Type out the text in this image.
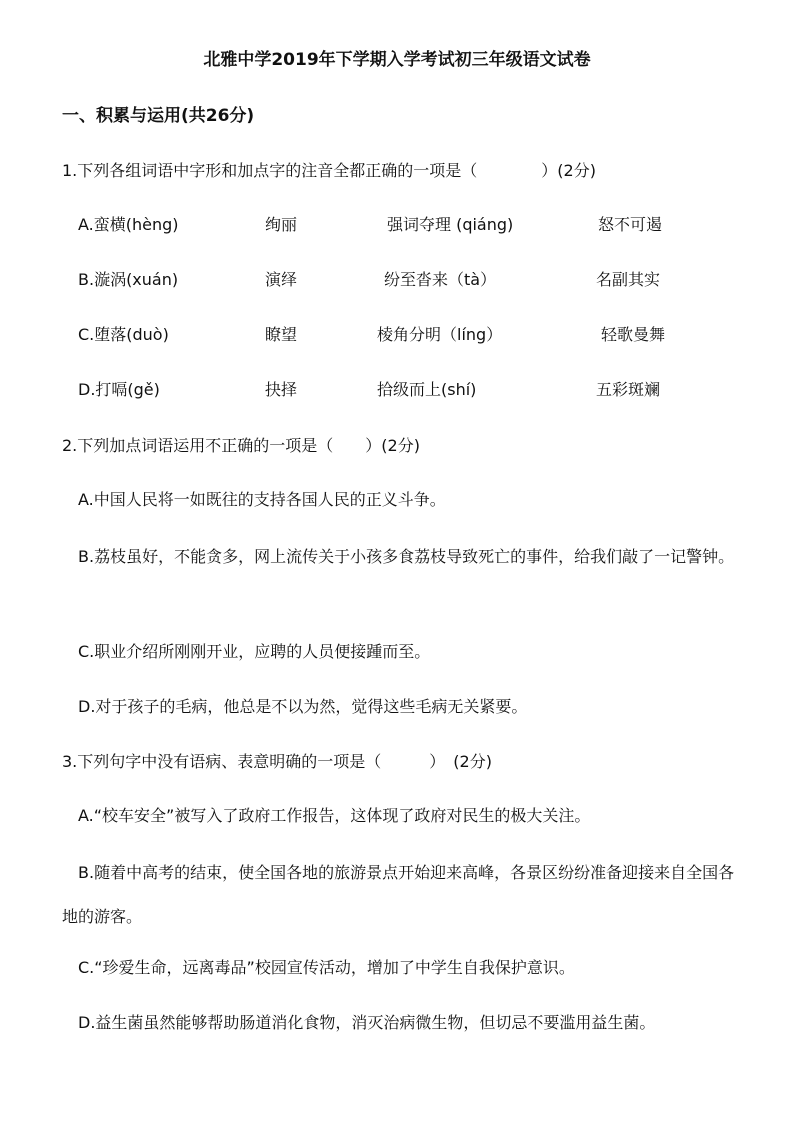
北雅中学2019年下学期入学考试初三年级语文试卷
一、积累与运用(共26分)
1.下列各组词语中字形和加点字的注音全都正确的一项是（　　　　）(2分)
A.蛮横(hèng)	绚丽	强词夺理 (qiáng)	怒不可遏
B.漩涡(xuán)	演绎	纷至沓来（tà）	名副其实
C.堕落(duò)	瞭望	棱角分明（líng）	轻歌曼舞
D.打嗝(gě)	抉择	拾级而上(shí)	五彩斑斓
2.下列加点词语运用不正确的一项是（　　）(2分)
A.中国人民将一如既往的支持各国人民的正义斗争。
B.荔枝虽好，不能贪多，网上流传关于小孩多食荔枝导致死亡的事件，给我们敲了一记警钟。
C.职业介绍所刚刚开业，应聘的人员便接踵而至。
D.对于孩子的毛病，他总是不以为然，觉得这些毛病无关紧要。
3.下列句字中没有语病、表意明确的一项是（　　　）　(2分)
A.“校车安全”被写入了政府工作报告，这体现了政府对民生的极大关注。
B.随着中高考的结束，使全国各地的旅游景点开始迎来高峰，各景区纷纷准备迎接来自全国各地的游客。
C.“珍爱生命，远离毒品”校园宣传活动，增加了中学生自我保护意识。
D.益生菌虽然能够帮助肠道消化食物，消灭治病微生物，但切忌不要滥用益生菌。
